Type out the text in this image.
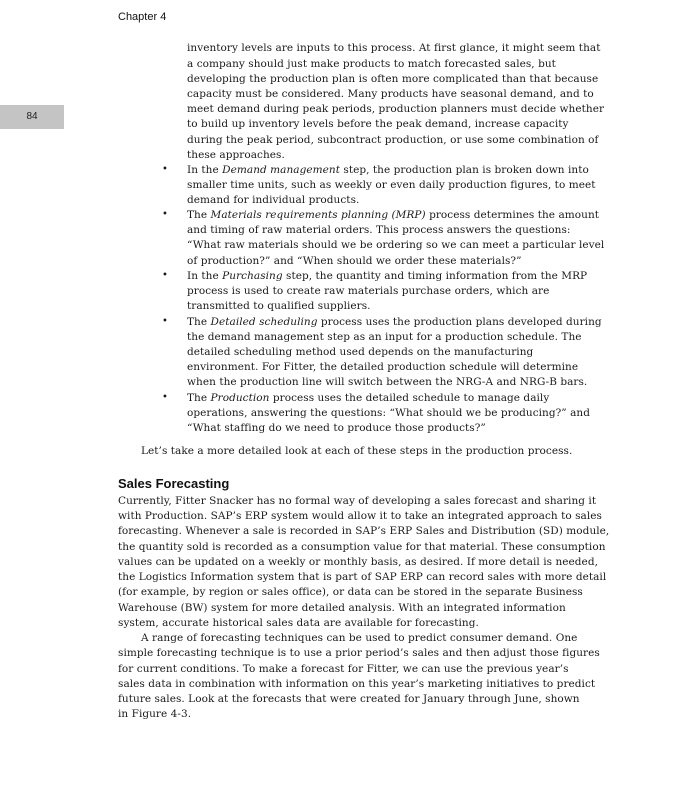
Chapter 4
84
inventory levels are inputs to this process. At first glance, it might seem that
a company should just make products to match forecasted sales, but
developing the production plan is often more complicated than that because
capacity must be considered. Many products have seasonal demand, and to
meet demand during peak periods, production planners must decide whether
to build up inventory levels before the peak demand, increase capacity
during the peak period, subcontract production, or use some combination of
these approaches.
• In the Demand management step, the production plan is broken down into
smaller time units, such as weekly or even daily production figures, to meet
demand for individual products.
• The Materials requirements planning (MRP) process determines the amount
and timing of raw material orders. This process answers the questions:
“What raw materials should we be ordering so we can meet a particular level
of production?” and “When should we order these materials?”
• In the Purchasing step, the quantity and timing information from the MRP
process is used to create raw materials purchase orders, which are
transmitted to qualified suppliers.
• The Detailed scheduling process uses the production plans developed during
the demand management step as an input for a production schedule. The
detailed scheduling method used depends on the manufacturing
environment. For Fitter, the detailed production schedule will determine
when the production line will switch between the NRG-A and NRG-B bars.
• The Production process uses the detailed schedule to manage daily
operations, answering the questions: “What should we be producing?” and
“What staffing do we need to produce those products?”
Let’s take a more detailed look at each of these steps in the production process.
Sales Forecasting
Currently, Fitter Snacker has no formal way of developing a sales forecast and sharing it
with Production. SAP’s ERP system would allow it to take an integrated approach to sales
forecasting. Whenever a sale is recorded in SAP’s ERP Sales and Distribution (SD) module,
the quantity sold is recorded as a consumption value for that material. These consumption
values can be updated on a weekly or monthly basis, as desired. If more detail is needed,
the Logistics Information system that is part of SAP ERP can record sales with more detail
(for example, by region or sales office), or data can be stored in the separate Business
Warehouse (BW) system for more detailed analysis. With an integrated information
system, accurate historical sales data are available for forecasting.
A range of forecasting techniques can be used to predict consumer demand. One
simple forecasting technique is to use a prior period’s sales and then adjust those figures
for current conditions. To make a forecast for Fitter, we can use the previous year’s
sales data in combination with information on this year’s marketing initiatives to predict
future sales. Look at the forecasts that were created for January through June, shown
in Figure 4-3.
